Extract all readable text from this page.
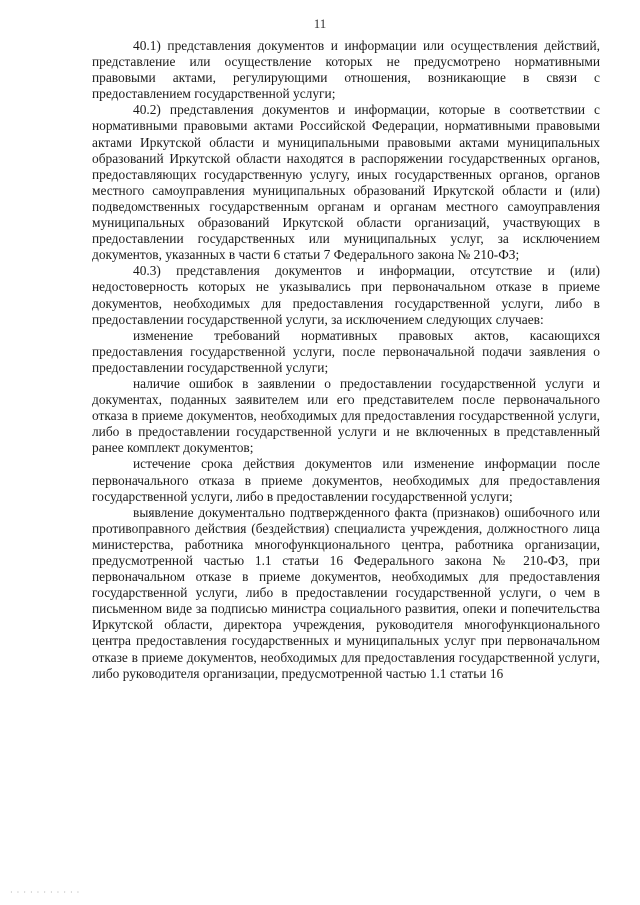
11

40.1) представления документов и информации или осуществления действий, представление или осуществление которых не предусмотрено нормативными правовыми актами, регулирующими отношения, возникающие в связи с предоставлением государственной услуги;

40.2) представления документов и информации, которые в соответствии с нормативными правовыми актами Российской Федерации, нормативными правовыми актами Иркутской области и муниципальными правовыми актами муниципальных образований Иркутской области находятся в распоряжении государственных органов, предоставляющих государственную услугу, иных государственных органов, органов местного самоуправления муниципальных образований Иркутской области и (или) подведомственных государственным органам и органам местного самоуправления муниципальных образований Иркутской области организаций, участвующих в предоставлении государственных или муниципальных услуг, за исключением документов, указанных в части 6 статьи 7 Федерального закона № 210-ФЗ;

40.3) представления документов и информации, отсутствие и (или) недостоверность которых не указывались при первоначальном отказе в приеме документов, необходимых для предоставления государственной услуги, либо в предоставлении государственной услуги, за исключением следующих случаев:

изменение требований нормативных правовых актов, касающихся предоставления государственной услуги, после первоначальной подачи заявления о предоставлении государственной услуги;

наличие ошибок в заявлении о предоставлении государственной услуги и документах, поданных заявителем или его представителем после первоначального отказа в приеме документов, необходимых для предоставления государственной услуги, либо в предоставлении государственной услуги и не включенных в представленный ранее комплект документов;

истечение срока действия документов или изменение информации после первоначального отказа в приеме документов, необходимых для предоставления государственной услуги, либо в предоставлении государственной услуги;

выявление документально подтвержденного факта (признаков) ошибочного или противоправного действия (бездействия) специалиста учреждения, должностного лица министерства, работника многофункционального центра, работника организации, предусмотренной частью 1.1 статьи 16 Федерального закона № 210-ФЗ, при первоначальном отказе в приеме документов, необходимых для предоставления государственной услуги, либо в предоставлении государственной услуги, о чем в письменном виде за подписью министра социального развития, опеки и попечительства Иркутской области, директора учреждения, руководителя многофункционального центра предоставления государственных и муниципальных услуг при первоначальном отказе в приеме документов, необходимых для предоставления государственной услуги, либо руководителя организации, предусмотренной частью 1.1 статьи 16

· · · · · · · · · · ·
